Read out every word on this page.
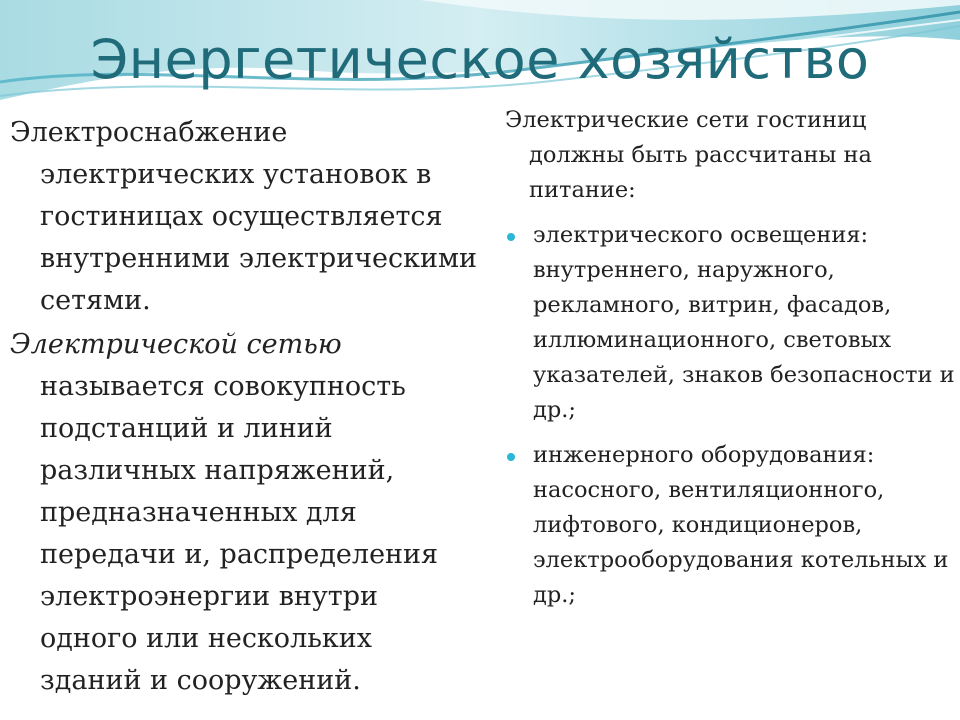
Энергетическое хозяйство

Электроснабжение
электрических установок в гостиницах осуществляется внутренними электрическими сетями.

Электрической сетью
называется совокупность подстанций и линий различных напряжений, предназначенных для передачи и, распределения электроэнергии внутри одного или нескольких зданий и сооружений.

Электрические сети гостиниц
должны быть рассчитаны на питание:

электрического освещения: внутреннего, наружного, рекламного, витрин, фасадов, иллюминационного, световых указателей, знаков безопасности и др.;
инженерного оборудования: насосного, вентиляционного, лифтового, кондиционеров, электрооборудования котельных и др.;
